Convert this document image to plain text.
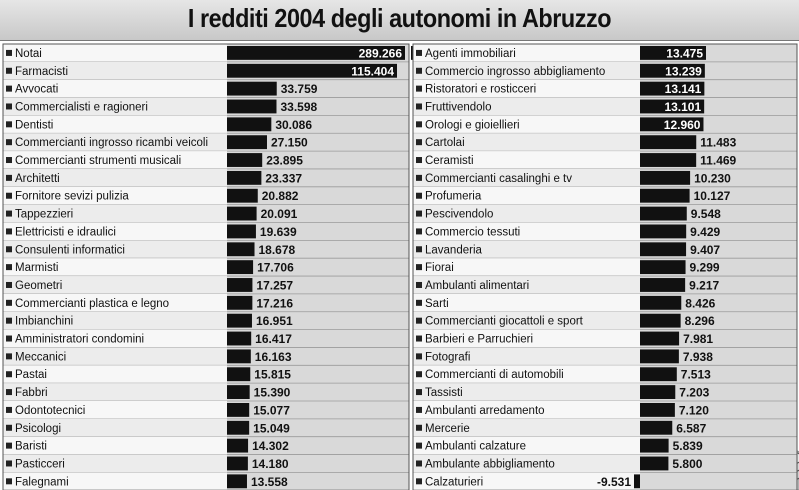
I redditi 2004 degli autonomi in Abruzzo
Notai	289.266
Farmacisti	115.404
Avvocati	33.759
Commercialisti e ragioneri	33.598
Dentisti	30.086
Commercianti ingrosso ricambi veicoli	27.150
Commercianti strumenti musicali	23.895
Architetti	23.337
Fornitore sevizi pulizia	20.882
Tappezzieri	20.091
Elettricisti e idraulici	19.639
Consulenti informatici	18.678
Marmisti	17.706
Geometri	17.257
Commercianti plastica e legno	17.216
Imbianchini	16.951
Amministratori condomini	16.417
Meccanici	16.163
Pastai	15.815
Fabbri	15.390
Odontotecnici	15.077
Psicologi	15.049
Baristi	14.302
Pasticceri	14.180
Falegnami	13.558
Agenti immobiliari	13.475
Commercio ingrosso abbigliamento	13.239
Ristoratori e rosticceri	13.141
Fruttivendolo	13.101
Orologi e gioiellieri	12.960
Cartolai	11.483
Ceramisti	11.469
Commercianti casalinghi e tv	10.230
Profumeria	10.127
Pescivendolo	9.548
Commercio tessuti	9.429
Lavanderia	9.407
Fiorai	9.299
Ambulanti alimentari	9.217
Sarti	8.426
Commercianti giocattoli e sport	8.296
Barbieri e Parruchieri	7.981
Fotografi	7.938
Commercianti di automobili	7.513
Tassisti	7.203
Ambulanti arredamento	7.120
Mercerie	6.587
Ambulanti calzature	5.839
Ambulante abbigliamento	5.800
Calzaturieri	-9.531
